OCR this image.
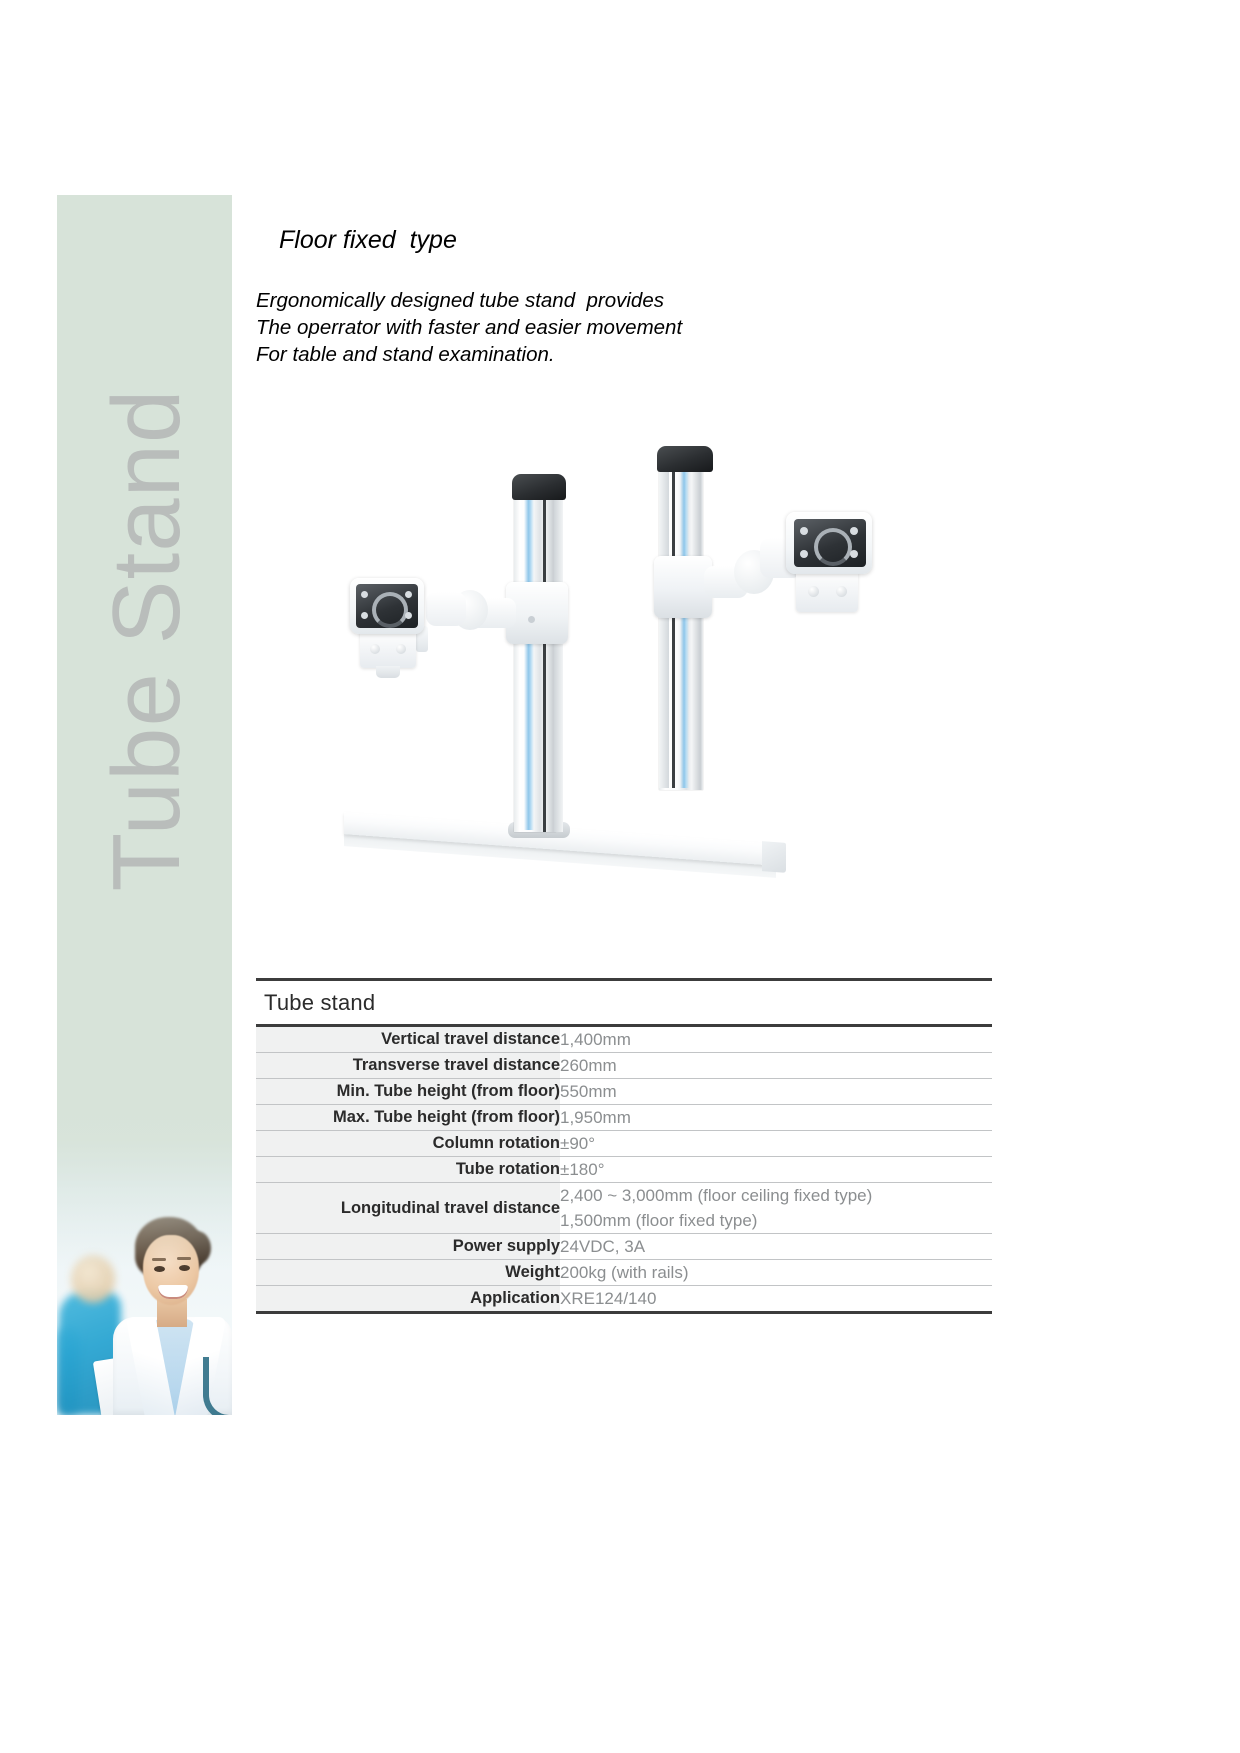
Tube Stand
Floor fixed  type
Ergonomically designed tube stand  provides
The operrator with faster and easier movement
For table and stand examination.
Tube stand
Vertical travel distance	1,400mm

Transverse travel distance	260mm

Min. Tube height (from floor)	550mm

Max. Tube height (from floor)	1,950mm

Column rotation	±90°

Tube rotation	±180°

Longitudinal travel distance	2,400 ~ 3,000mm (floor ceiling fixed type)
1,500mm (floor fixed type)

Power supply	24VDC, 3A

Weight	200kg (with rails)

Application	XRE124/140
